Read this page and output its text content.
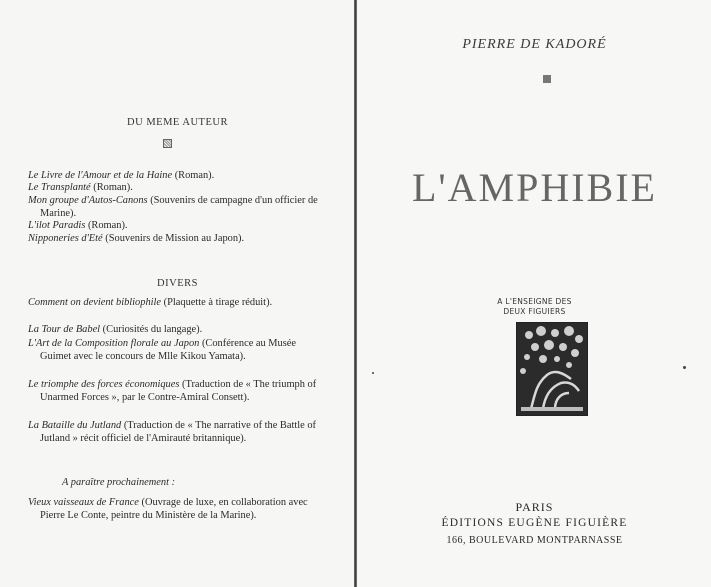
DU MEME AUTEUR
Le Livre de l'Amour et de la Haine (Roman).
Le Transplanté (Roman).
Mon groupe d'Autos-Canons (Souvenirs de campagne d'un officier de Marine).
L'ilot Paradis (Roman).
Nipponeries d'Eté (Souvenirs de Mission au Japon).
DIVERS
Comment on devient bibliophile (Plaquette à tirage réduit).
La Tour de Babel (Curiosités du langage).
L'Art de la Composition florale au Japon (Conférence au Musée Guimet avec le concours de Mlle Kikou Yamata).
Le triomphe des forces économiques (Traduction de « The triumph of Unarmed Forces », par le Contre-Amiral Consett).
La Bataille du Jutland (Traduction de « The narrative of the Battle of Jutland » récit officiel de l'Amirauté britannique).
A paraître prochainement :
Vieux vaisseaux de France (Ouvrage de luxe, en collaboration avec Pierre Le Conte, peintre du Ministère de la Marine).
PIERRE DE KADORÉ
L'AMPHIBIE
A L'ENSEIGNE DES
DEUX FIGUIERS
PARIS
ÉDITIONS EUGÈNE FIGUIÈRE
166, BOULEVARD MONTPARNASSE
